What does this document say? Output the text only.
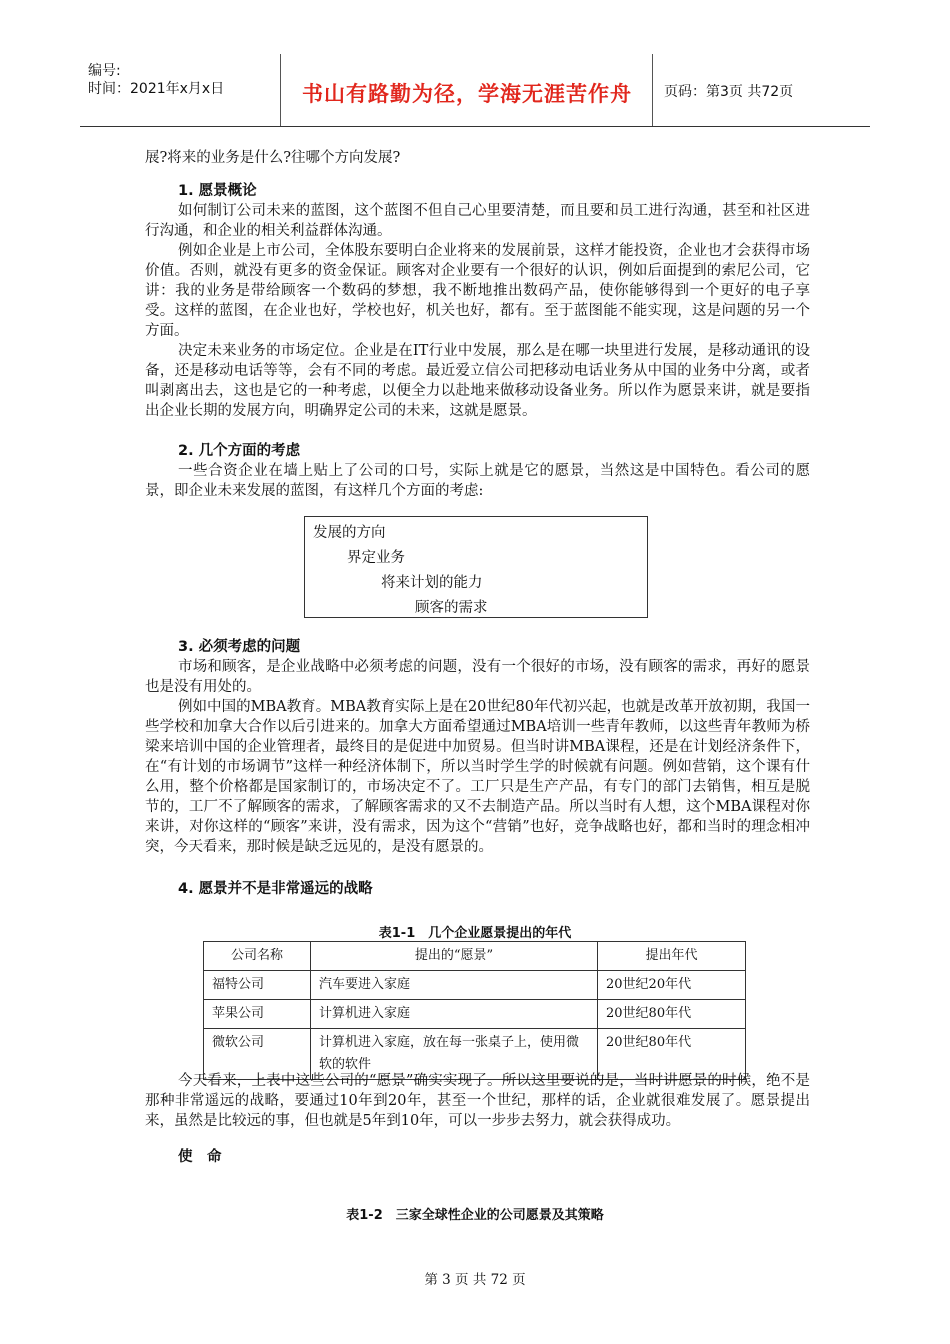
编号:
时间：2021年x月x日	书山有路勤为径，学海无涯苦作舟	页码：第3页 共72页

展?将来的业务是什么?往哪个方向发展?

1. 愿景概论

如何制订公司未来的蓝图，这个蓝图不但自己心里要清楚，而且要和员工进行沟通，甚至和社区进行沟通，和企业的相关利益群体沟通。

例如企业是上市公司，全体股东要明白企业将来的发展前景，这样才能投资，企业也才会获得市场价值。否则，就没有更多的资金保证。顾客对企业要有一个很好的认识，例如后面提到的索尼公司，它讲：我的业务是带给顾客一个数码的梦想，我不断地推出数码产品，使你能够得到一个更好的电子享受。这样的蓝图，在企业也好，学校也好，机关也好，都有。至于蓝图能不能实现，这是问题的另一个方面。

决定未来业务的市场定位。企业是在IT行业中发展，那么是在哪一块里进行发展，是移动通讯的设备，还是移动电话等等，会有不同的考虑。最近爱立信公司把移动电话业务从中国的业务中分离，或者叫剥离出去，这也是它的一种考虑，以便全力以赴地来做移动设备业务。所以作为愿景来讲，就是要指出企业长期的发展方向，明确界定公司的未来，这就是愿景。

2. 几个方面的考虑

一些合资企业在墙上贴上了公司的口号，实际上就是它的愿景，当然这是中国特色。看公司的愿景，即企业未来发展的蓝图，有这样几个方面的考虑:

发展的方向
界定业务
将来计划的能力
顾客的需求
3. 必须考虑的问题

市场和顾客，是企业战略中必须考虑的问题，没有一个很好的市场，没有顾客的需求，再好的愿景也是没有用处的。

例如中国的MBA教育。MBA教育实际上是在20世纪80年代初兴起，也就是改革开放初期，我国一些学校和加拿大合作以后引进来的。加拿大方面希望通过MBA培训一些青年教师，以这些青年教师为桥梁来培训中国的企业管理者，最终目的是促进中加贸易。但当时讲MBA课程，还是在计划经济条件下，在“有计划的市场调节”这样一种经济体制下，所以当时学生学的时候就有问题。例如营销，这个课有什么用，整个价格都是国家制订的，市场决定不了。工厂只是生产产品，有专门的部门去销售，相互是脱节的，工厂不了解顾客的需求，了解顾客需求的又不去制造产品。所以当时有人想，这个MBA课程对你来讲，对你这样的“顾客”来讲，没有需求，因为这个“营销”也好，竞争战略也好，都和当时的理念相冲突，今天看来，那时候是缺乏远见的，是没有愿景的。

4. 愿景并不是非常遥远的战略
表1-1　几个企业愿景提出的年代
公司名称	提出的“愿景”	提出年代
福特公司	汽车要进入家庭	20世纪20年代
苹果公司	计算机进入家庭	20世纪80年代
微软公司	计算机进入家庭，放在每一张桌子上，使用微软的软件	20世纪80年代

今天看来，上表中这些公司的“愿景”确实实现了。所以这里要说的是，当时讲愿景的时候，绝不是那种非常遥远的战略，要通过10年到20年，甚至一个世纪，那样的话，企业就很难发展了。愿景提出来，虽然是比较远的事，但也就是5年到10年，可以一步步去努力，就会获得成功。

使　命
表1-2　三家全球性企业的公司愿景及其策略
第 3 页 共 72 页
